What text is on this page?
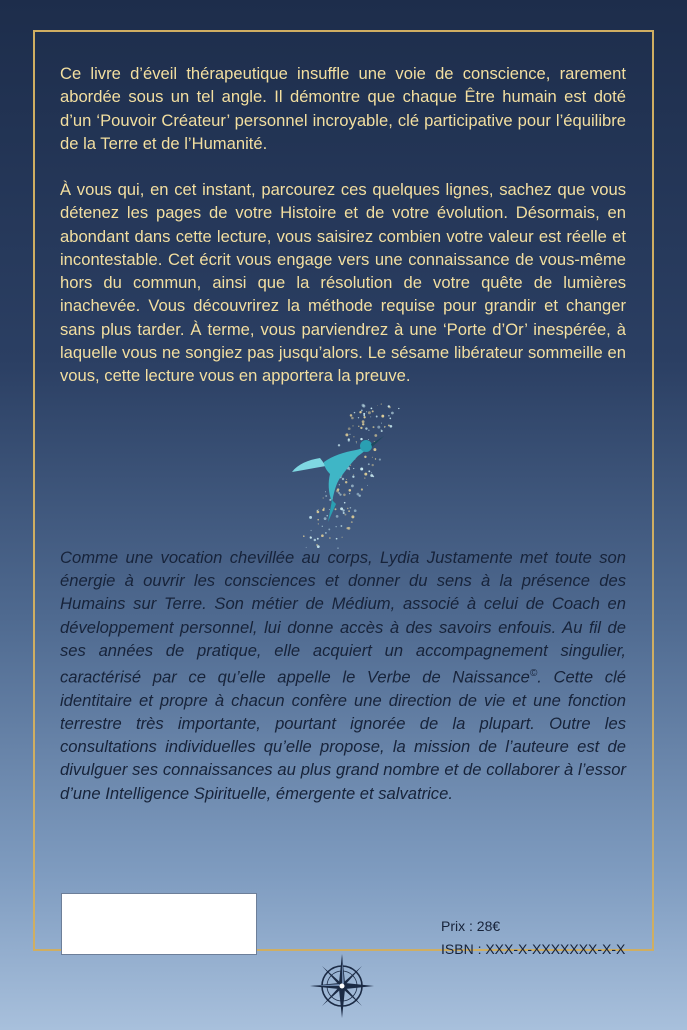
Ce livre d’éveil thérapeutique insuffle une voie de conscience, rarement abordée sous un tel angle. Il démontre que chaque Être humain est doté d’un ‘Pouvoir Créateur’ personnel incroyable, clé participative pour l’équilibre de la Terre et de l’Humanité.

À vous qui, en cet instant, parcourez ces quelques lignes, sachez que vous détenez les pages de votre Histoire et de votre évolution. Désormais, en abondant dans cette lecture, vous saisirez combien votre valeur est réelle et incontestable. Cet écrit vous engage vers une connaissance de vous-même hors du commun, ainsi que la résolution de votre quête de lumières inachevée. Vous découvrirez la méthode requise pour grandir et changer sans plus tarder. À terme, vous parviendrez à une ‘Porte d’Or’ inespérée, à laquelle vous ne songiez pas jusqu’alors. Le sésame libérateur sommeille en vous, cette lecture vous en apportera la preuve.

Comme une vocation chevillée au corps, Lydia Justamente met toute son énergie à ouvrir les consciences et donner du sens à la présence des Humains sur Terre. Son métier de Médium, associé à celui de Coach en développement personnel, lui donne accès à des savoirs enfouis. Au fil de ses années de pratique, elle acquiert un accompagnement singulier, caractérisé par ce qu’elle appelle le Verbe de Naissance©. Cette clé identitaire et propre à chacun confère une direction de vie et une fonction terrestre très importante, pourtant ignorée de la plupart. Outre les consultations individuelles qu’elle propose, la mission de l’auteure est de divulguer ses connaissances au plus grand nombre et de collaborer à l’essor d’une Intelligence Spirituelle, émergente et salvatrice.

Prix : 28€
ISBN : XXX-X-XXXXXXX-X-X
